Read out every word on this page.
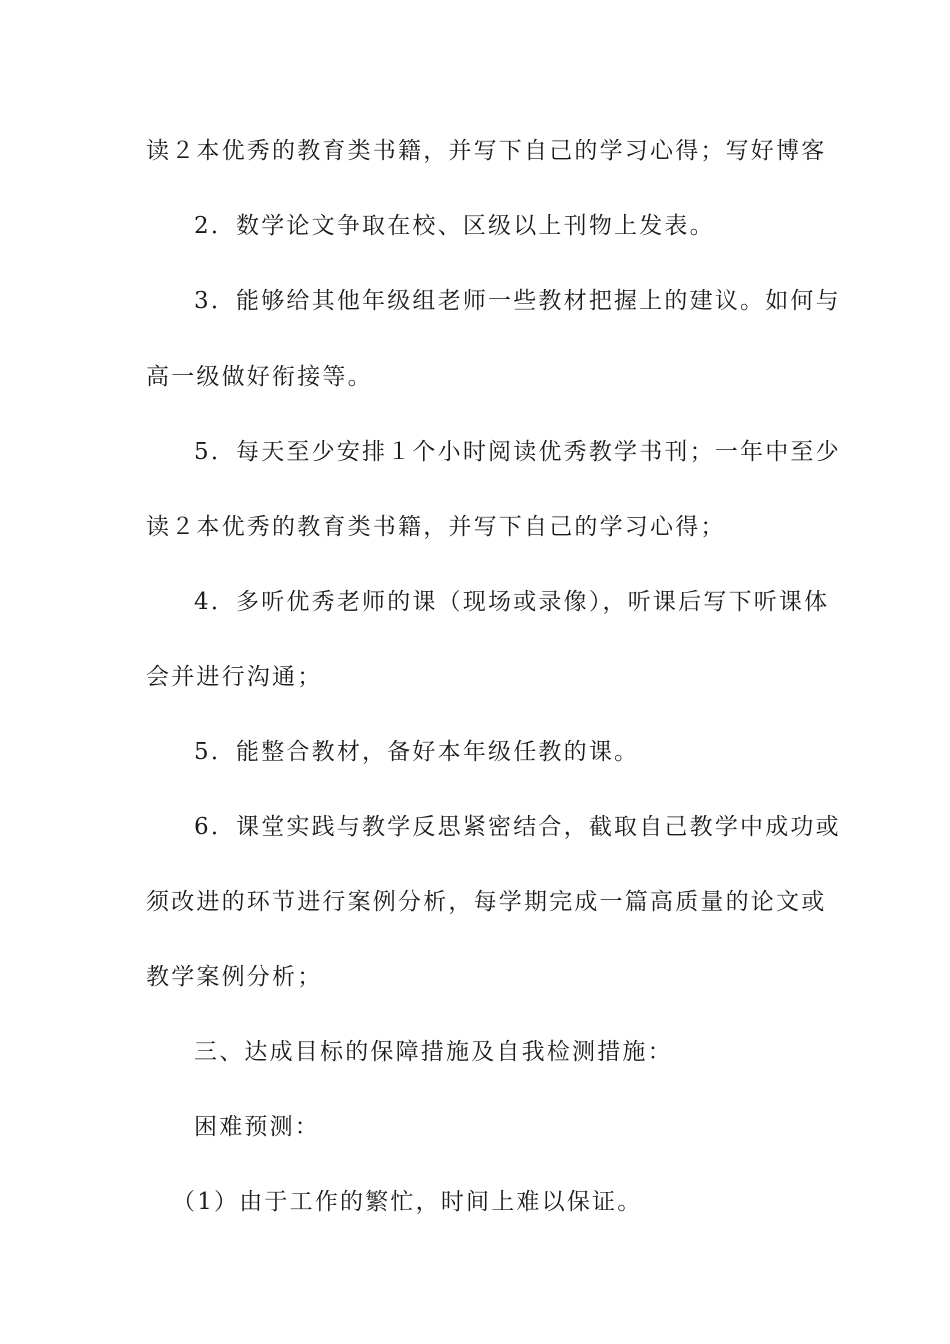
读２本优秀的教育类书籍，并写下自己的学习心得；写好博客

2．数学论文争取在校、区级以上刊物上发表。

3．能够给其他年级组老师一些教材把握上的建议。如何与

高一级做好衔接等。

5．每天至少安排１个小时阅读优秀教学书刊；一年中至少

读２本优秀的教育类书籍，并写下自己的学习心得；

4．多听优秀老师的课（现场或录像），听课后写下听课体

会并进行沟通；

5．能整合教材，备好本年级任教的课。

6．课堂实践与教学反思紧密结合，截取自己教学中成功或

须改进的环节进行案例分析，每学期完成一篇高质量的论文或

教学案例分析；

三、达成目标的保障措施及自我检测措施：

困难预测：

（1）由于工作的繁忙，时间上难以保证。
